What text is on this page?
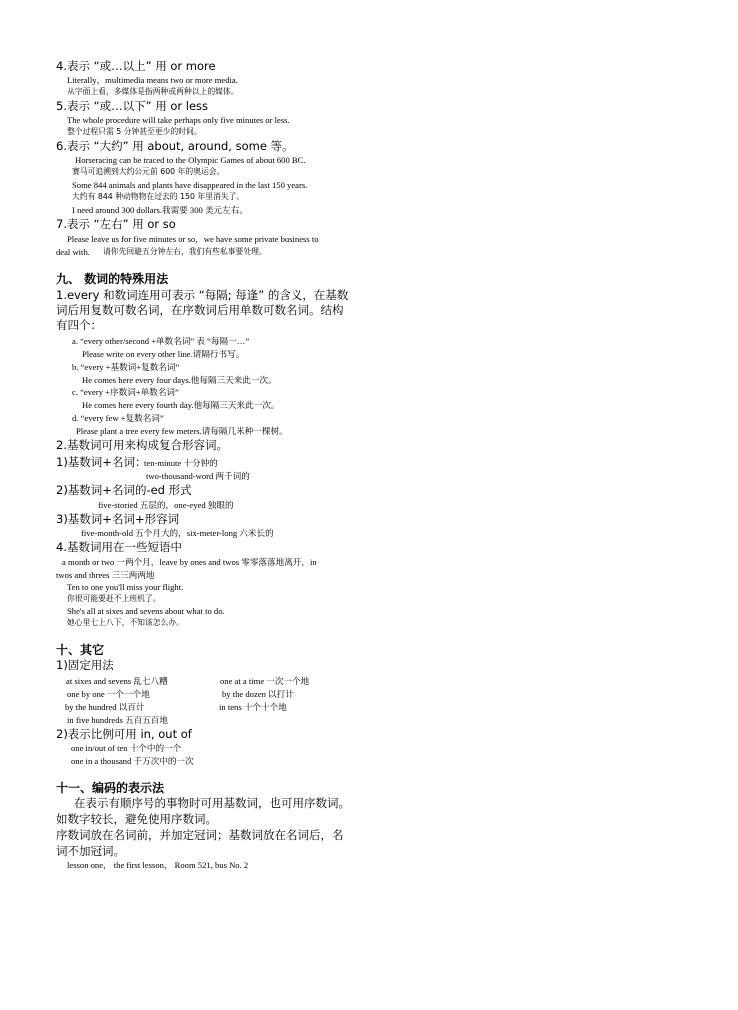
4.表示 “或…以上” 用 or more
Literally，multimedia means two or more media.
从字面上看，多媒体是指两种或两种以上的媒体。
5.表示 “或…以下” 用 or less
The whole procedure will take perhaps only five minutes or less.
整个过程只需 5 分钟甚至更少的时间。
6.表示 “大约” 用 about, around, some 等。
Horseracing can be traced to the Olympic Games of about 600 BC.
赛马可追溯到大约公元前 600 年的奥运会。
Some 844 animals and plants have disappeared in the last 150 years.
大约有 844 种动物物在过去的 150 年里消失了。
I need around 300 dollars.我需要 300 美元左右。
7.表示 “左右” 用 or so
Please leave us for five minutes or so，we have some private business to
deal with. 请你先回避五分钟左右，我们有些私事要处理。
九、 数词的特殊用法
1.every 和数词连用可表示 “每隔; 每逢” 的含义，在基数
词后用复数可数名词，在序数词后用单数可数名词。结构
有四个：
a. “every other/second +单数名词” 表 “每隔一…”
Please write on every other line.请隔行书写。
b. “every +基数词+复数名词”
He comes here every four days.他每隔三天来此一次。
c. “every +序数词+单数名词”
He comes here every fourth day.他每隔三天来此一次。
d. “every few +复数名词”
Please plant a tree every few meters.请每隔几米种一棵树。
2.基数词可用来构成复合形容词。
1)基数词+名词：
ten-minute 十分钟的
two-thousand-word 两千词的
2)基数词+名词的-ed 形式
five-storied 五层的，one-eyed 独眼的
3)基数词+名词+形容词
five-month-old 五个月大的，six-meter-long 六米长的
4.基数词用在一些短语中
a month or two 一两个月，leave by ones and twos 零零落落地离开，in
twos and threes 三三两两地
Ten to one you'll miss your flight.
你很可能要赶不上班机了。
She's all at sixes and sevens about what to do.
她心里七上八下，不知该怎么办。
十、其它
1)固定用法
at sixes and sevens 乱七八糟	one at a time 一次一个地
one by one 一个一个地	by the dozen 以打计
by the hundred 以百计	in tens 十个十个地
in five hundreds 五百五百地
2)表示比例可用 in, out of
one in/out of ten 十个中的一个
one in a thousand 千万次中的一次
十一、编码的表示法
在表示有顺序号的事物时可用基数词，也可用序数词。
如数字较长，避免使用序数词。
序数词放在名词前，并加定冠词；基数词放在名词后，名
词不加冠词。
lesson one， the first lesson， Room 521, bus No. 2
